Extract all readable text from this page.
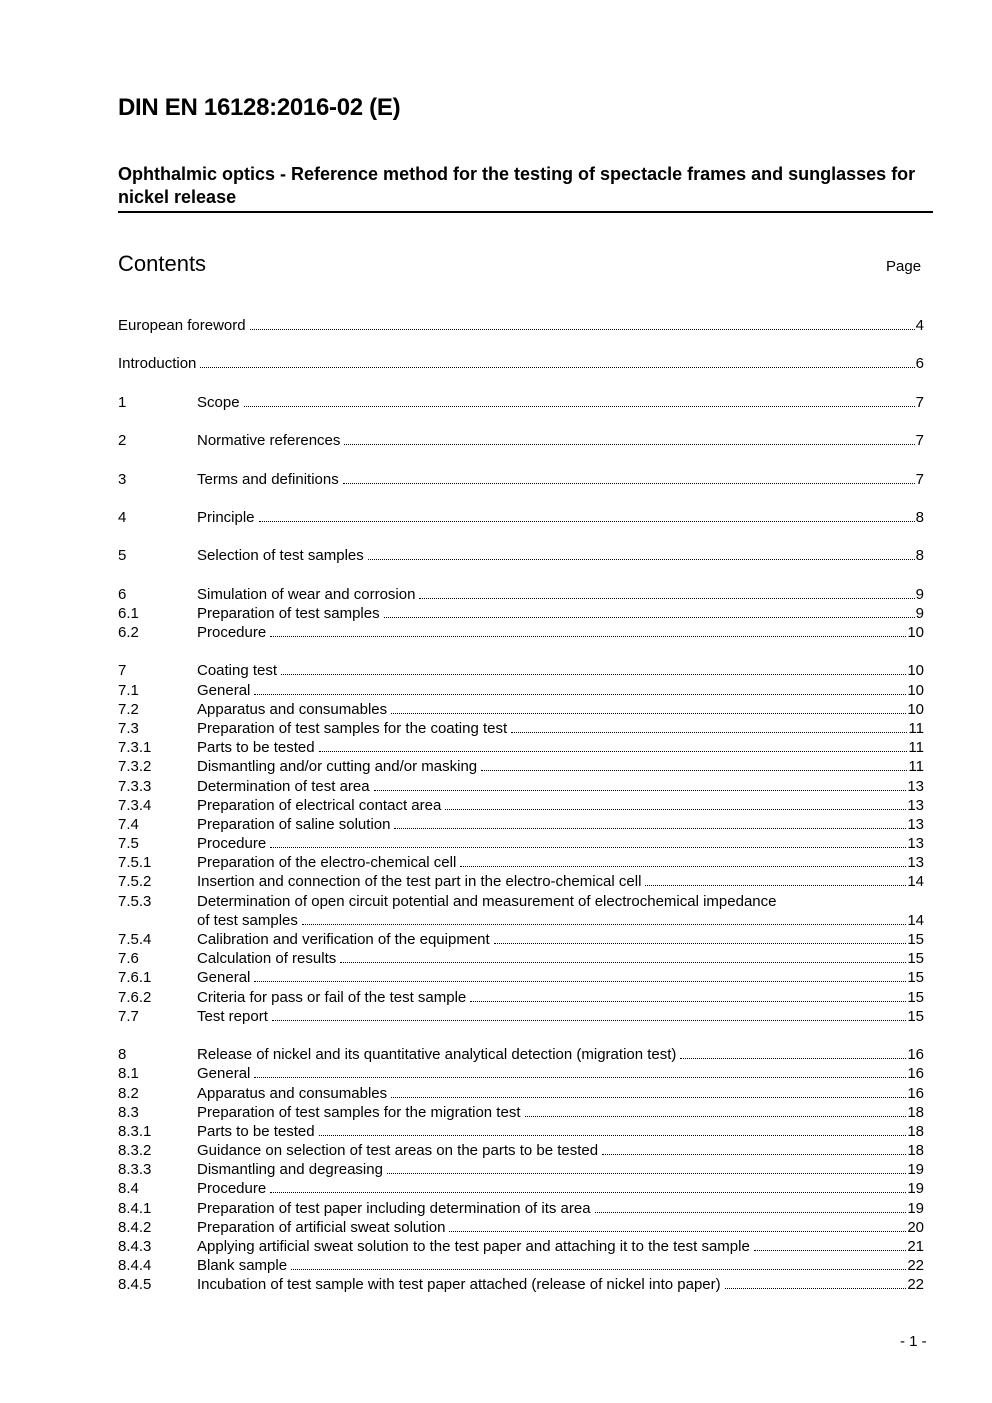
DIN EN 16128:2016-02 (E)
Ophthalmic optics - Reference method for the testing of spectacle frames and sunglasses for nickel release
Contents	Page
European foreword	4
Introduction	6
1	Scope	7
2	Normative references	7
3	Terms and definitions	7
4	Principle	8
5	Selection of test samples	8
6	Simulation of wear and corrosion	9
6.1	Preparation of test samples	9
6.2	Procedure	10
7	Coating test	10
7.1	General	10
7.2	Apparatus and consumables	10
7.3	Preparation of test samples for the coating test	11
7.3.1	Parts to be tested	11
7.3.2	Dismantling and/or cutting and/or masking	11
7.3.3	Determination of test area	13
7.3.4	Preparation of electrical contact area	13
7.4	Preparation of saline solution	13
7.5	Procedure	13
7.5.1	Preparation of the electro-chemical cell	13
7.5.2	Insertion and connection of the test part in the electro-chemical cell	14
7.5.3	Determination of open circuit potential and measurement of electrochemical impedance
of test samples	14
7.5.4	Calibration and verification of the equipment	15
7.6	Calculation of results	15
7.6.1	General	15
7.6.2	Criteria for pass or fail of the test sample	15
7.7	Test report	15
8	Release of nickel and its quantitative analytical detection (migration test)	16
8.1	General	16
8.2	Apparatus and consumables	16
8.3	Preparation of test samples for the migration test	18
8.3.1	Parts to be tested	18
8.3.2	Guidance on selection of test areas on the parts to be tested	18
8.3.3	Dismantling and degreasing	19
8.4	Procedure	19
8.4.1	Preparation of test paper including determination of its area	19
8.4.2	Preparation of artificial sweat solution	20
8.4.3	Applying artificial sweat solution to the test paper and attaching it to the test sample	21
8.4.4	Blank sample	22
8.4.5	Incubation of test sample with test paper attached (release of nickel into paper)	22
- 1 -
